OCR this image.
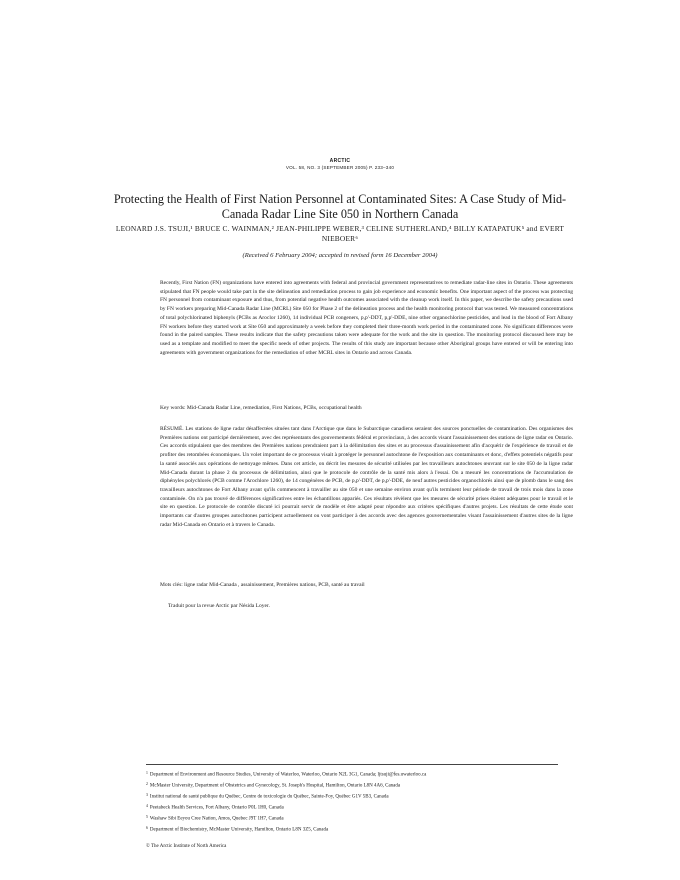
ARCTIC
VOL. 58, NO. 3 (SEPTEMBER 2005) P. 233–340
Protecting the Health of First Nation Personnel at Contaminated Sites: A Case Study of Mid-Canada Radar Line Site 050 in Northern Canada
LEONARD J.S. TSUJI,¹ BRUCE C. WAINMAN,² JEAN-PHILIPPE WEBER,³ CELINE SUTHERLAND,⁴ BILLY KATAPATUK⁵ and EVERT NIEBOER⁶
(Received 6 February 2004; accepted in revised form 16 December 2004)

Recently, First Nation (FN) organizations have entered into agreements with federal and provincial government representatives to remediate radar-line sites in Ontario. These agreements stipulated that FN people would take part in the site delineation and remediation process to gain job experience and economic benefits. One important aspect of the process was protecting FN personnel from contaminant exposure and thus, from potential negative health outcomes associated with the cleanup work itself. In this paper, we describe the safety precautions used by FN workers preparing Mid-Canada Radar Line (MCRL) Site 050 for Phase 2 of the delineation process and the health monitoring protocol that was tested. We measured concentrations of total polychlorinated biphenyls (PCBs as Aroclor 1260), 14 individual PCB congeners, p,p'-DDT, p,p'-DDE, nine other organochlorine pesticides, and lead in the blood of Fort Albany FN workers before they started work at Site 050 and approximately a week before they completed their three-month work period in the contaminated zone. No significant differences were found in the paired samples. These results indicate that the safety precautions taken were adequate for the work and the site in question. The monitoring protocol discussed here may be used as a template and modified to meet the specific needs of other projects. The results of this study are important because other Aboriginal groups have entered or will be entering into agreements with government organizations for the remediation of other MCRL sites in Ontario and across Canada.

Key words: Mid-Canada Radar Line, remediation, First Nations, PCBs, occupational health

RÉSUMÉ. Les stations de ligne radar désaffectées situées tant dans l'Arctique que dans le Subarctique canadiens seraient des sources ponctuelles de contamination. Des organismes des Premières nations ont participé dernièrement, avec des représentants des gouvernements fédéral et provinciaux, à des accords visant l'assainissement des stations de ligne radar en Ontario. Ces accords stipulaient que des membres des Premières nations prendraient part à la délimitation des sites et au processus d'assainissement afin d'acquérir de l'expérience de travail et de profiter des retombées économiques. Un volet important de ce processus visait à protéger le personnel autochtone de l'exposition aux contaminants et donc, d'effets potentiels négatifs pour la santé associés aux opérations de nettoyage mêmes. Dans cet article, on décrit les mesures de sécurité utilisées par les travailleurs autochtones œuvrant sur le site 050 de la ligne radar Mid-Canada durant la phase 2 du processus de délimitation, ainsi que le protocole de contrôle de la santé mis alors à l'essai. On a mesuré les concentrations de l'accumulation de diphényles polychlorés (PCB comme l'Arochlore 1260), de 14 congénères de PCB, de p,p'-DDT, de p,p'-DDE, de neuf autres pesticides organochlorés ainsi que de plomb dans le sang des travailleurs autochtones de Fort Albany avant qu'ils commencent à travailler au site 050 et une semaine environ avant qu'ils terminent leur période de travail de trois mois dans la zone contaminée. On n'a pas trouvé de différences significatives entre les échantillons appariés. Ces résultats révèlent que les mesures de sécurité prises étaient adéquates pour le travail et le site en question. Le protocole de contrôle discuté ici pourrait servir de modèle et être adapté pour répondre aux critères spécifiques d'autres projets. Les résultats de cette étude sont importants car d'autres groupes autochtones participent actuellement ou vont participer à des accords avec des agences gouvernementales visant l'assainissement d'autres sites de la ligne radar Mid-Canada en Ontario et à travers le Canada.

Mots clés: ligne radar Mid-Canada , assainissement, Premières nations, PCB, santé au travail

Traduit pour la revue Arctic par Nésida Loyer.

$^1$ Department of Environment and Resource Studies, University of Waterloo, Waterloo, Ontario N2L 3G1, Canada; ljtsuji@fes.uwaterloo.ca
$^2$ McMaster University, Department of Obstetrics and Gynecology, St. Joseph's Hospital, Hamilton, Ontario L8N 4A6, Canada
$^3$ Institut national de santé publique du Québec, Centre de toxicologie du Québec, Sainte-Foy, Québec G1V 5B3, Canada
$^4$ Peetabeck Health Services, Fort Albany, Ontario P0L 1H0, Canada
$^5$ Washaw Sibi Eeyou Cree Nation, Amos, Quebec J9T 1H7, Canada
$^6$ Department of Biochemistry, McMaster University, Hamilton, Ontario L8N 3Z5, Canada
© The Arctic Institute of North America
